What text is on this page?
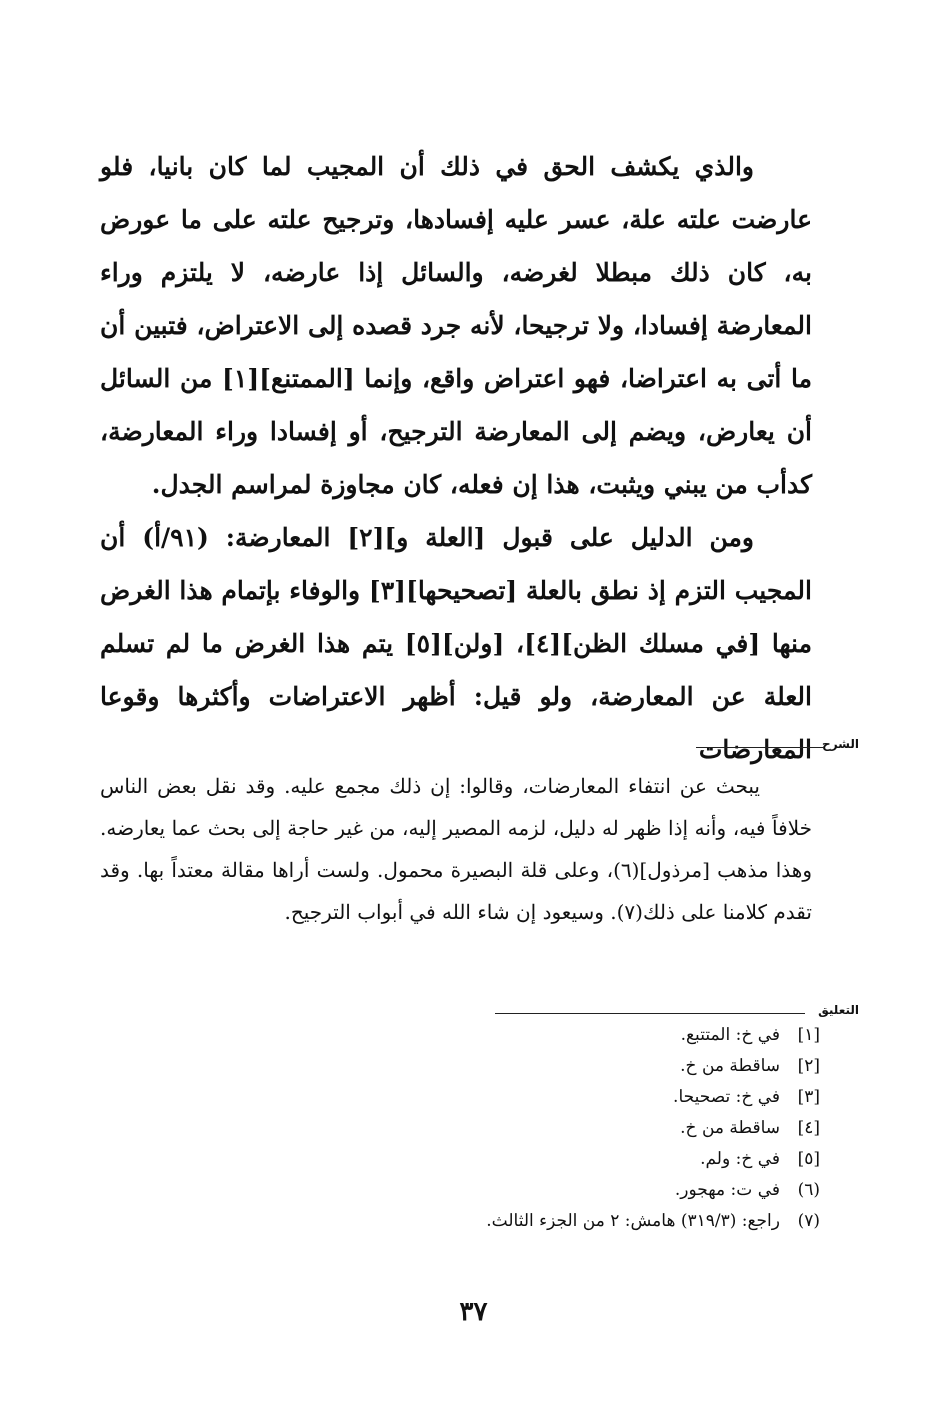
والذي يكشف الحق في ذلك أن المجيب لما كان بانيا، فلو عارضت علته علة، عسر عليه إفسادها، وترجيح علته على ما عورض به، كان ذلك مبطلا لغرضه، والسائل إذا عارضه، لا يلتزم وراء المعارضة إفسادا، ولا ترجيحا، لأنه جرد قصده إلى الاعتراض، فتبين أن ما أتى به اعتراضا، فهو اعتراض واقع، وإنما [الممتنع][١] من السائل أن يعارض، ويضم إلى المعارضة الترجيح، أو إفسادا وراء المعارضة، كدأب من يبني ويثبت، هذا إن فعله، كان مجاوزة لمراسم الجدل.

ومن الدليل على قبول [العلة و][٢] المعارضة: (٩١/أ) أن المجيب التزم إذ نطق بالعلة [تصحيحها][٣] والوفاء بإتمام هذا الغرض منها [في مسلك الظن][٤]، [ولن][٥] يتم هذا الغرض ما لم تسلم العلة عن المعارضة، ولو قيل: أظهر الاعتراضات وأكثرها وقوعا المعارضات الشرح

يبحث عن انتفاء المعارضات، وقالوا: إن ذلك مجمع عليه. وقد نقل بعض الناس خلافاً فيه، وأنه إذا ظهر له دليل، لزمه المصير إليه، من غير حاجة إلى بحث عما يعارضه. وهذا مذهب [مرذول](٦)، وعلى قلة البصيرة محمول. ولست أراها مقالة معتداً بها. وقد تقدم كلامنا على ذلك(٧). وسيعود إن شاء الله في أبواب الترجيح.

التعليق
[١]في خ: المتتبع.
[٢]ساقطة من خ.
[٣]في خ: تصحيحا.
[٤]ساقطة من خ.
[٥]في خ: ولم.
(٦)في ت: مهجور.
(٧)راجع: (٣١٩/٣) هامش: ٢ من الجزء الثالث.
٣٧
